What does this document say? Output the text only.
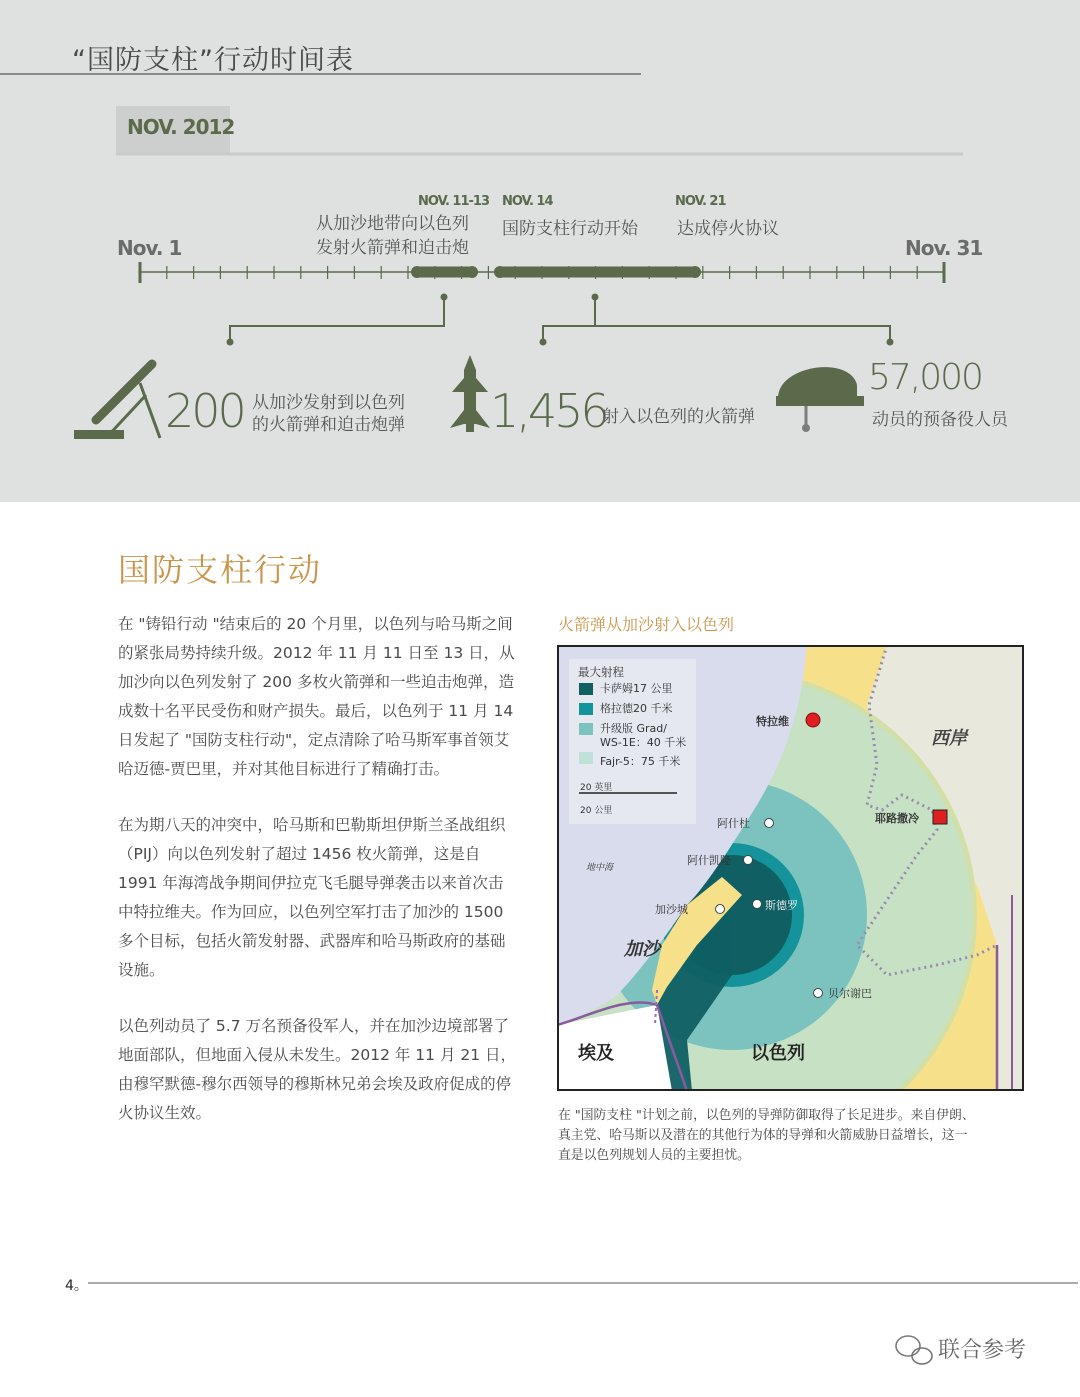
“国防支柱”行动时间表
NOV. 2012
Nov. 1	Nov. 31
NOV. 11-13
从加沙地带向以色列
发射火箭弹和迫击炮
NOV. 14
国防支柱行动开始
NOV. 21
达成停火协议
200 从加沙发射到以色列
的火箭弹和迫击炮弹 1,456
射入以色列的火箭弹
57,000
动员的预备役人员
国防支柱行动

在 "铸铅行动 "结束后的 20 个月里，以色列与哈马斯之间的紧张局势持续升级。2012 年 11 月 11 日至 13 日，从加沙向以色列发射了 200 多枚火箭弹和一些迫击炮弹，造成数十名平民受伤和财产损失。最后，以色列于 11 月 14 日发起了 "国防支柱行动"，定点清除了哈马斯军事首领艾哈迈德-贾巴里，并对其他目标进行了精确打击。

在为期八天的冲突中，哈马斯和巴勒斯坦伊斯兰圣战组织（PIJ）向以色列发射了超过 1456 枚火箭弹，这是自 1991 年海湾战争期间伊拉克飞毛腿导弹袭击以来首次击中特拉维夫。作为回应，以色列空军打击了加沙的 1500 多个目标，包括火箭发射器、武器库和哈马斯政府的基础设施。

以色列动员了 5.7 万名预备役军人，并在加沙边境部署了地面部队，但地面入侵从未发生。2012 年 11 月 21 日，由穆罕默德-穆尔西领导的穆斯林兄弟会埃及政府促成的停火协议生效。

火箭弹从加沙射入以色列
最大射程
卡萨姆17 公里
格拉德20 千米
升级版 Grad/
WS-1E：40 千米
Fajr-5：75 千米
20 英里
20 公里
特拉维
西岸
耶路撒冷
阿什杜
地中海
阿什凯隆
斯德罗
加沙城
加沙
贝尔谢巴
埃及	以色列
在 "国防支柱 "计划之前，以色列的导弹防御取得了长足进步。来自伊朗、真主党、哈马斯以及潜在的其他行为体的导弹和火箭威胁日益增长，这一直是以色列规划人员的主要担忧。
4。
联合参考
